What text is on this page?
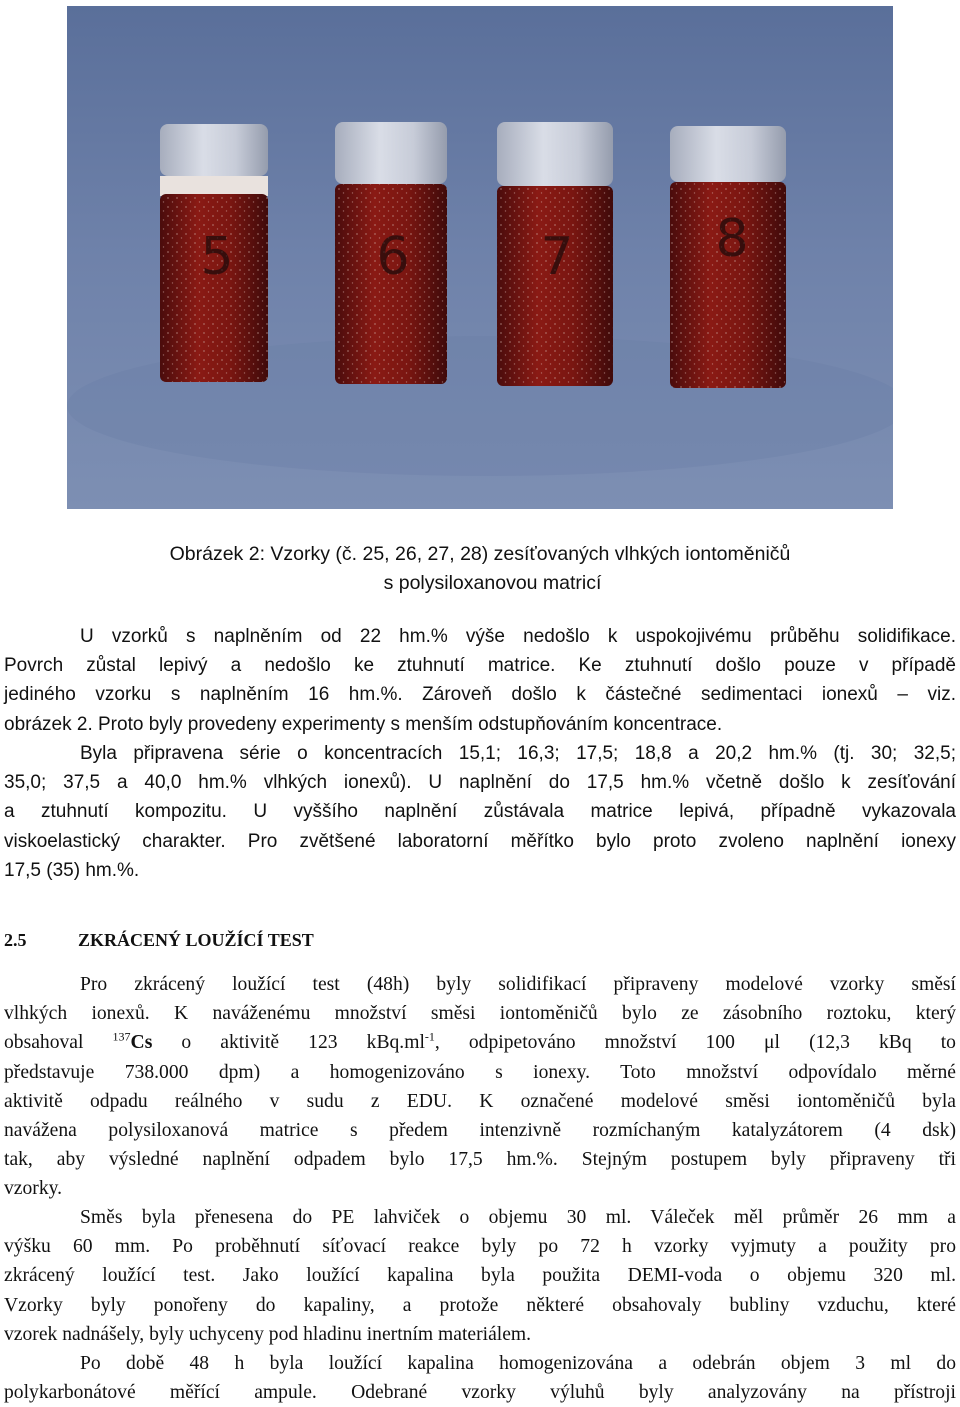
5	6	7	8
Obrázek 2: Vzorky (č. 25, 26, 27, 28) zesíťovaných vlhkých iontoměničů
s polysiloxanovou matricí
U vzorků s naplněním od 22 hm.% výše nedošlo k uspokojivému průběhu solidifikace.
Povrch zůstal lepivý a nedošlo ke ztuhnutí matrice. Ke ztuhnutí došlo pouze v případě
jediného vzorku s naplněním 16 hm.%. Zároveň došlo k částečné sedimentaci ionexů – viz.
obrázek 2. Proto byly provedeny experimenty s menším odstupňováním koncentrace.
Byla připravena série o koncentracích 15,1; 16,3; 17,5; 18,8 a 20,2 hm.% (tj. 30; 32,5;
35,0; 37,5 a 40,0 hm.% vlhkých ionexů). U naplnění do 17,5 hm.% včetně došlo k zesíťování
a ztuhnutí kompozitu. U vyššího naplnění zůstávala matrice lepivá, případně vykazovala
viskoelastický charakter. Pro zvětšené laboratorní měřítko bylo proto zvoleno naplnění ionexy
17,5 (35) hm.%.
2.5	ZKRÁCENÝ LOUŽÍCÍ TEST
Pro zkrácený loužící test (48h) byly solidifikací připraveny modelové vzorky směsí
vlhkých ionexů. K naváženému množství směsi iontoměničů bylo ze zásobního roztoku, který
obsahoval $^{137}$Cs o aktivitě 123 $kBq.ml^{-1}$, odpipetováno množství 100 μl (12,3 kBq to
představuje 738.000 dpm) a homogenizováno s ionexy. Toto množství odpovídalo měrné
aktivitě odpadu reálného v sudu z EDU. K označené modelové směsi iontoměničů byla
navážena polysiloxanová matrice s předem intenzivně rozmíchaným katalyzátorem (4 dsk)
tak, aby výsledné naplnění odpadem bylo 17,5 hm.%. Stejným postupem byly připraveny tři
vzorky.
Směs byla přenesena do PE lahviček o objemu 30 ml. Váleček měl průměr 26 mm a
výšku 60 mm. Po proběhnutí síťovací reakce byly po 72 h vzorky vyjmuty a použity pro
zkrácený loužící test. Jako loužící kapalina byla použita DEMI-voda o objemu 320 ml.
Vzorky byly ponořeny do kapaliny, a protože některé obsahovaly bubliny vzduchu, které
vzorek nadnášely, byly uchyceny pod hladinu inertním materiálem.
Po době 48 h byla loužící kapalina homogenizována a odebrán objem 3 ml do
polykarbonátové měřící ampule. Odebrané vzorky výluhů byly analyzovány na přístroji
